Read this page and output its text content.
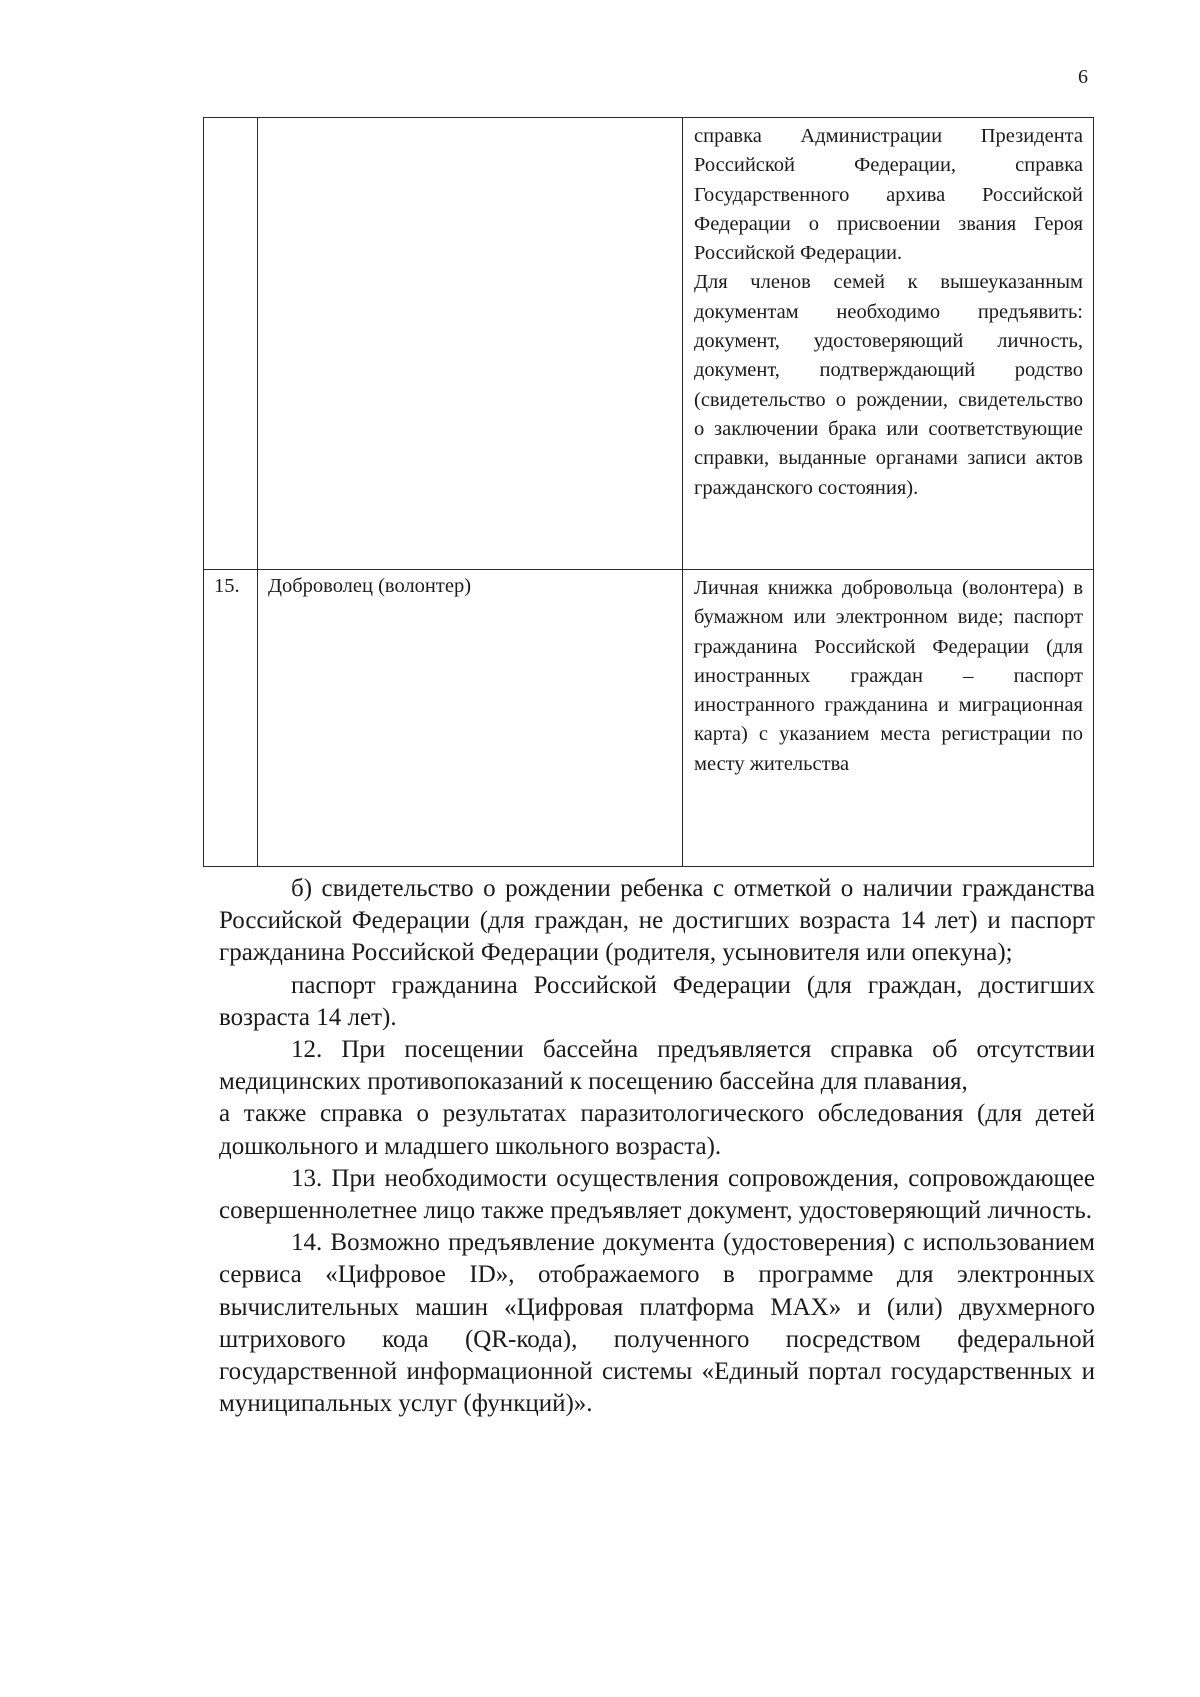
6

		справка Администрации Президента Российской Федерации, справка Государственного архива Российской Федерации о присвоении звания Героя Российской Федерации.

Для членов семей к вышеуказанным документам необходимо предъявить: документ, удостоверяющий личность, документ, подтверждающий родство (свидетельство о рождении, свидетельство о заключении брака или соответствующие справки, выданные органами записи актов гражданского состояния).

15.	Доброволец (волонтер)	Личная книжка добровольца (волонтера) в бумажном или электронном виде; паспорт гражданина Российской Федерации (для иностранных граждан – паспорт иностранного гражданина и миграционная карта) с указанием места регистрации по месту жительства

б) свидетельство о рождении ребенка с отметкой о наличии гражданства Российской Федерации (для граждан, не достигших возраста 14 лет) и паспорт гражданина Российской Федерации (родителя, усыновителя или опекуна);

паспорт гражданина Российской Федерации (для граждан, достигших возраста 14 лет).

12. При посещении бассейна предъявляется справка об отсутствии медицинских противопоказаний к посещению бассейна для плавания,

а также справка о результатах паразитологического обследования (для детей дошкольного и младшего школьного возраста).

13. При необходимости осуществления сопровождения, сопровождающее совершеннолетнее лицо также предъявляет документ, удостоверяющий личность.

14. Возможно предъявление документа (удостоверения) с использованием сервиса «Цифровое ID», отображаемого в программе для электронных вычислительных машин «Цифровая платформа MAX» и (или) двухмерного штрихового кода (QR-кода), полученного посредством федеральной государственной информационной системы «Единый портал государственных и муниципальных услуг (функций)».
